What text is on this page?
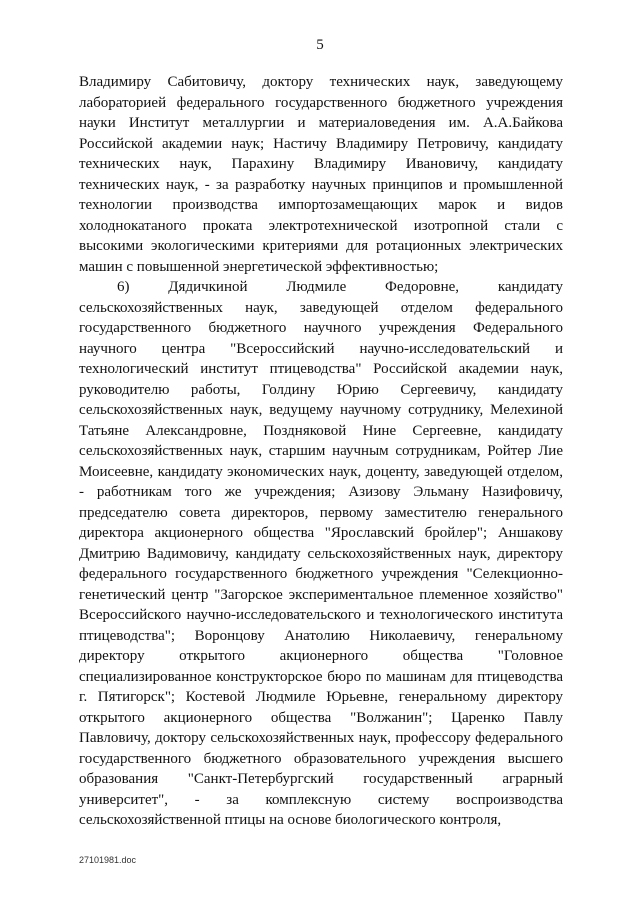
5

Владимиру Сабитовичу, доктору технических наук, заведующему лабораторией федерального государственного бюджетного учреждения науки Институт металлургии и материаловедения им. А.А.Байкова Российской академии наук; Настичу Владимиру Петровичу, кандидату технических наук, Парахину Владимиру Ивановичу, кандидату технических наук, - за разработку научных принципов и промышленной технологии производства импортозамещающих марок и видов холоднокатаного проката электротехнической изотропной стали с высокими экологическими критериями для ротационных электрических машин с повышенной энергетической эффективностью;

6) Дядичкиной Людмиле Федоровне, кандидату сельскохозяйственных наук, заведующей отделом федерального государственного бюджетного научного учреждения Федерального научного центра "Всероссийский научно-исследовательский и технологический институт птицеводства" Российской академии наук, руководителю работы, Голдину Юрию Сергеевичу, кандидату сельскохозяйственных наук, ведущему научному сотруднику, Мелехиной Татьяне Александровне, Поздняковой Нине Сергеевне, кандидату сельскохозяйственных наук, старшим научным сотрудникам, Ройтер Лие Моисеевне, кандидату экономических наук, доценту, заведующей отделом, - работникам того же учреждения; Азизову Эльману Назифовичу, председателю совета директоров, первому заместителю генерального директора акционерного общества "Ярославский бройлер"; Аншакову Дмитрию Вадимовичу, кандидату сельскохозяйственных наук, директору федерального государственного бюджетного учреждения "Селекционно-генетический центр "Загорское экспериментальное племенное хозяйство" Всероссийского научно-исследовательского и технологического института птицеводства"; Воронцову Анатолию Николаевичу, генеральному директору открытого акционерного общества "Головное специализированное конструкторское бюро по машинам для птицеводства г. Пятигорск"; Костевой Людмиле Юрьевне, генеральному директору открытого акционерного общества "Волжанин"; Царенко Павлу Павловичу, доктору сельскохозяйственных наук, профессору федерального государственного бюджетного образовательного учреждения высшего образования "Санкт-Петербургский государственный аграрный университет", - за комплексную систему воспроизводства сельскохозяйственной птицы на основе биологического контроля,

27101981.doc
